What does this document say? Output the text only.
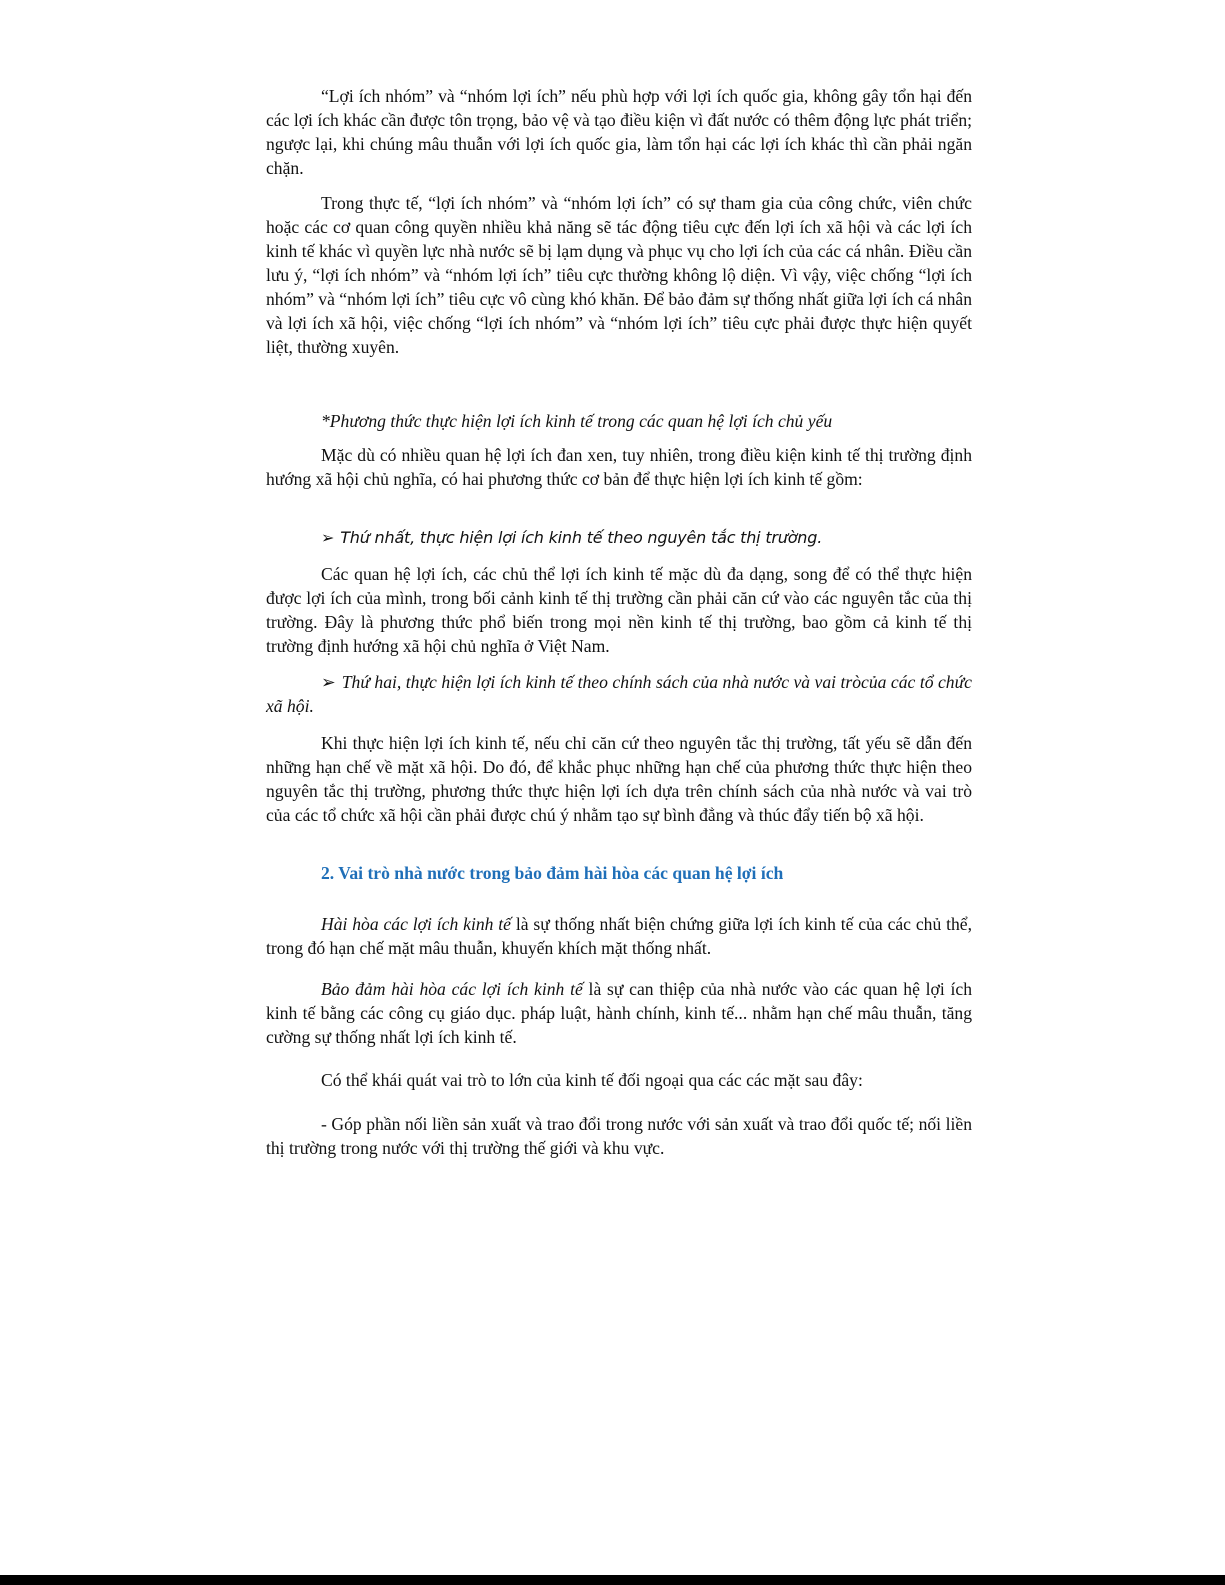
“Lợi ích nhóm” và “nhóm lợi ích” nếu phù hợp với lợi ích quốc gia, không gây tổn hại đến các lợi ích khác cần được tôn trọng, bảo vệ và tạo điều kiện vì đất nước có thêm động lực phát triển; ngược lại, khi chúng mâu thuẫn với lợi ích quốc gia, làm tổn hại các lợi ích khác thì cần phải ngăn chặn.

Trong thực tế, “lợi ích nhóm” và “nhóm lợi ích” có sự tham gia của công chức, viên chức hoặc các cơ quan công quyền nhiều khả năng sẽ tác động tiêu cực đến lợi ích xã hội và các lợi ích kinh tế khác vì quyền lực nhà nước sẽ bị lạm dụng và phục vụ cho lợi ích của các cá nhân. Điều cần lưu ý, “lợi ích nhóm” và “nhóm lợi ích” tiêu cực thường không lộ diện. Vì vậy, việc chống “lợi ích nhóm” và “nhóm lợi ích” tiêu cực vô cùng khó khăn. Để bảo đảm sự thống nhất giữa lợi ích cá nhân và lợi ích xã hội, việc chống “lợi ích nhóm” và “nhóm lợi ích” tiêu cực phải được thực hiện quyết liệt, thường xuyên.

*Phương thức thực hiện lợi ích kinh tế trong các quan hệ lợi ích chủ yếu

Mặc dù có nhiều quan hệ lợi ích đan xen, tuy nhiên, trong điều kiện kinh tế thị trường định hướng xã hội chủ nghĩa, có hai phương thức cơ bản để thực hiện lợi ích kinh tế gồm:

➢ Thứ nhất, thực hiện lợi ích kinh tế theo nguyên tắc thị trường.

Các quan hệ lợi ích, các chủ thể lợi ích kinh tế mặc dù đa dạng, song để có thể thực hiện được lợi ích của mình, trong bối cảnh kinh tế thị trường cần phải căn cứ vào các nguyên tắc của thị trường. Đây là phương thức phổ biến trong mọi nền kinh tế thị trường, bao gồm cả kinh tế thị trường định hướng xã hội chủ nghĩa ở Việt Nam.

➢ Thứ hai, thực hiện lợi ích kinh tế theo chính sách của nhà nước và vai tròcủa các tổ chức xã hội.

Khi thực hiện lợi ích kinh tế, nếu chỉ căn cứ theo nguyên tắc thị trường, tất yếu sẽ dẫn đến những hạn chế về mặt xã hội. Do đó, để khắc phục những hạn chế của phương thức thực hiện theo nguyên tắc thị trường, phương thức thực hiện lợi ích dựa trên chính sách của nhà nước và vai trò của các tổ chức xã hội cần phải được chú ý nhằm tạo sự bình đẳng và thúc đẩy tiến bộ xã hội.

2. Vai trò nhà nước trong bảo đảm hài hòa các quan hệ lợi ích

Hài hòa các lợi ích kinh tế là sự thống nhất biện chứng giữa lợi ích kinh tế của các chủ thể, trong đó hạn chế mặt mâu thuẫn, khuyến khích mặt thống nhất.

Bảo đảm hài hòa các lợi ích kinh tế là sự can thiệp của nhà nước vào các quan hệ lợi ích kinh tế bằng các công cụ giáo dục. pháp luật, hành chính, kinh tế... nhằm hạn chế mâu thuẫn, tăng cường sự thống nhất lợi ích kinh tế.

Có thể khái quát vai trò to lớn của kinh tế đối ngoại qua các các mặt sau đây:

- Góp phần nối liền sản xuất và trao đổi trong nước với sản xuất và trao đổi quốc tế; nối liền thị trường trong nước với thị trường thế giới và khu vực.
